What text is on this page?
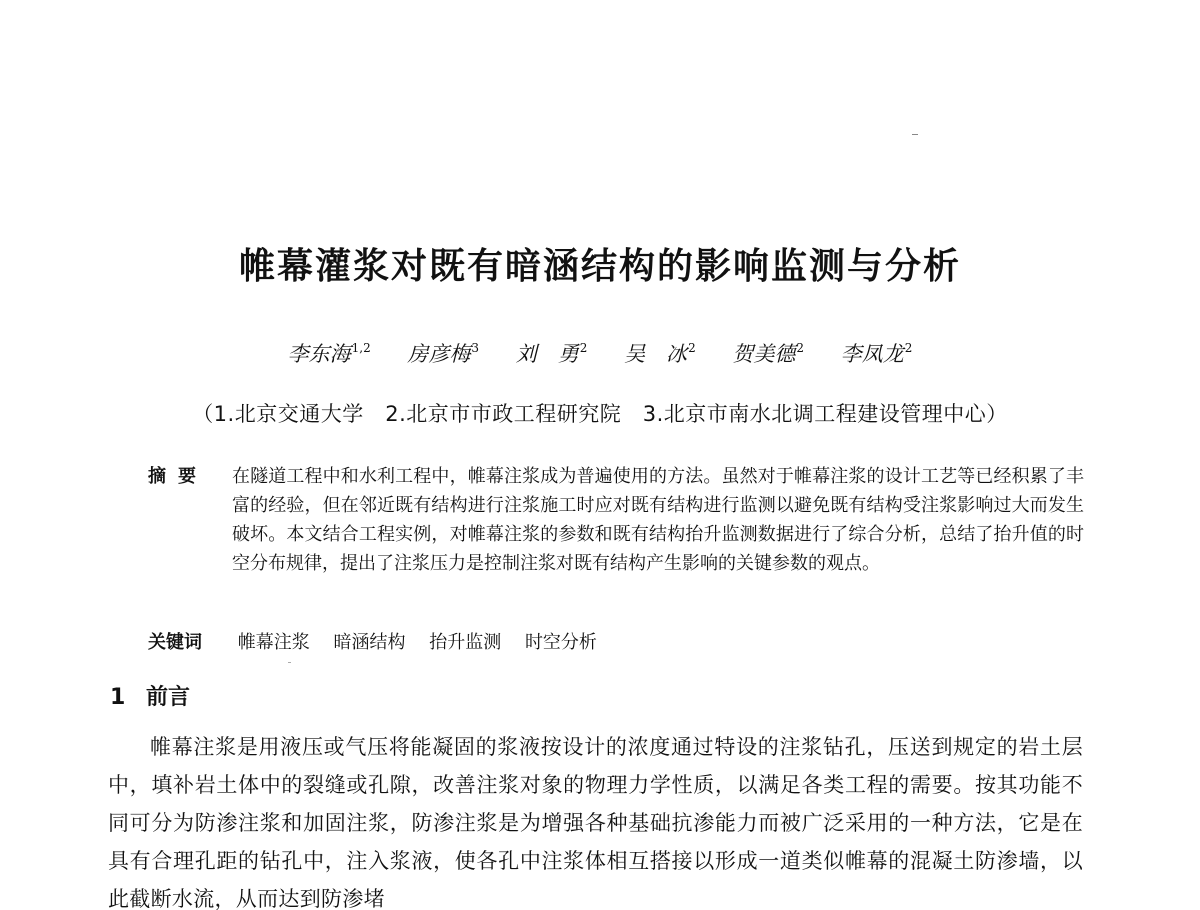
帷幕灌浆对既有暗涵结构的影响监测与分析
李东海$^{1,2}$ 房彦梅$^3$ 刘　勇$^2$ 吴　冰$^2$ 贺美德$^2$ 李凤龙$^2$
（1.北京交通大学　2.北京市市政工程研究院　3.北京市南水北调工程建设管理中心）
摘要 在隧道工程中和水利工程中，帷幕注浆成为普遍使用的方法。虽然对于帷幕注浆的设计工艺等已经积累了丰富的经验，但在邻近既有结构进行注浆施工时应对既有结构进行监测以避免既有结构受注浆影响过大而发生破坏。本文结合工程实例，对帷幕注浆的参数和既有结构抬升监测数据进行了综合分析，总结了抬升值的时空分布规律，提出了注浆压力是控制注浆对既有结构产生影响的关键参数的观点。

关键词 帷幕注浆 暗涵结构 抬升监测 时空分析
1 前言

帷幕注浆是用液压或气压将能凝固的浆液按设计的浓度通过特设的注浆钻孔，压送到规定的岩土层中，填补岩土体中的裂缝或孔隙，改善注浆对象的物理力学性质，以满足各类工程的需要。按其功能不同可分为防渗注浆和加固注浆，防渗注浆是为增强各种基础抗渗能力而被广泛采用的一种方法，它是在具有合理孔距的钻孔中，注入浆液，使各孔中注浆体相互搭接以形成一道类似帷幕的混凝土防渗墙，以此截断水流，从而达到防渗堵
